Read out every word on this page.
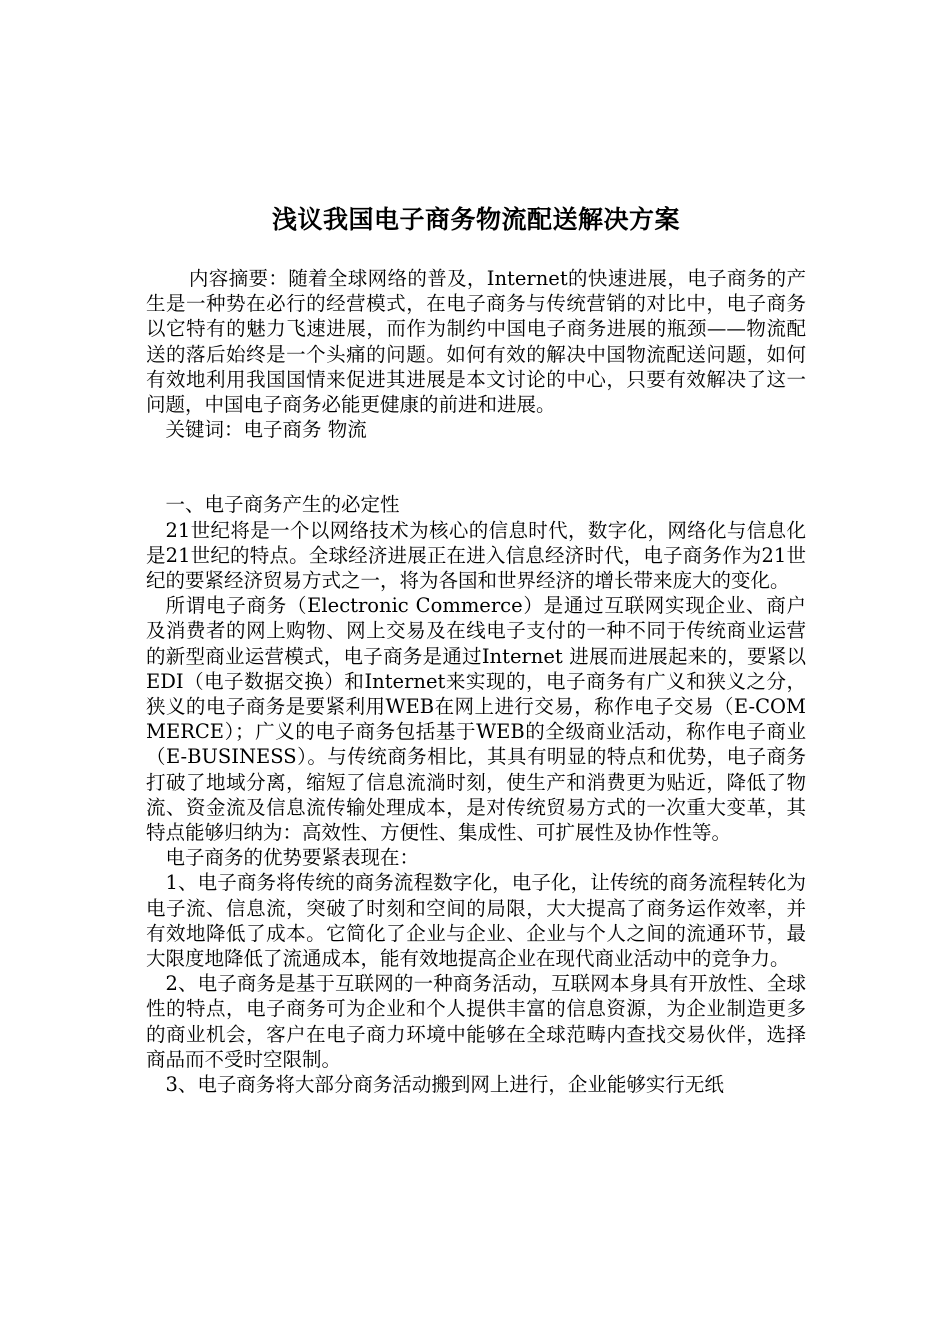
浅议我国电子商务物流配送解决方案

内容摘要：随着全球网络的普及，Internet的快速进展，电子商务的产生是一种势在必行的经营模式，在电子商务与传统营销的对比中，电子商务以它特有的魅力飞速进展，而作为制约中国电子商务进展的瓶颈——物流配送的落后始终是一个头痛的问题。如何有效的解决中国物流配送问题，如何有效地利用我国国情来促进其进展是本文讨论的中心，只要有效解决了这一问题，中国电子商务必能更健康的前进和进展。

关键词：电子商务 物流

一、电子商务产生的必定性

21世纪将是一个以网络技术为核心的信息时代，数字化，网络化与信息化是21世纪的特点。全球经济进展正在进入信息经济时代，电子商务作为21世纪的要紧经济贸易方式之一，将为各国和世界经济的增长带来庞大的变化。

所谓电子商务（Electronic Commerce）是通过互联网实现企业、商户及消费者的网上购物、网上交易及在线电子支付的一种不同于传统商业运营的新型商业运营模式，电子商务是通过Internet 进展而进展起来的，要紧以EDI（电子数据交换）和Internet来实现的，电子商务有广义和狭义之分，狭义的电子商务是要紧利用WEB在网上进行交易，称作电子交易（E-COMMERCE）；广义的电子商务包括基于WEB的全级商业活动，称作电子商业（E-BUSINESS）。与传统商务相比，其具有明显的特点和优势，电子商务打破了地域分离，缩短了信息流淌时刻，使生产和消费更为贴近，降低了物流、资金流及信息流传输处理成本，是对传统贸易方式的一次重大变革，其特点能够归纳为：高效性、方便性、集成性、可扩展性及协作性等。

电子商务的优势要紧表现在：

1、电子商务将传统的商务流程数字化，电子化，让传统的商务流程转化为电子流、信息流，突破了时刻和空间的局限，大大提高了商务运作效率，并有效地降低了成本。它简化了企业与企业、企业与个人之间的流通环节，最大限度地降低了流通成本，能有效地提高企业在现代商业活动中的竞争力。

2、电子商务是基于互联网的一种商务活动，互联网本身具有开放性、全球性的特点，电子商务可为企业和个人提供丰富的信息资源，为企业制造更多的商业机会，客户在电子商力环境中能够在全球范畴内查找交易伙伴，选择商品而不受时空限制。

3、电子商务将大部分商务活动搬到网上进行，企业能够实行无纸
